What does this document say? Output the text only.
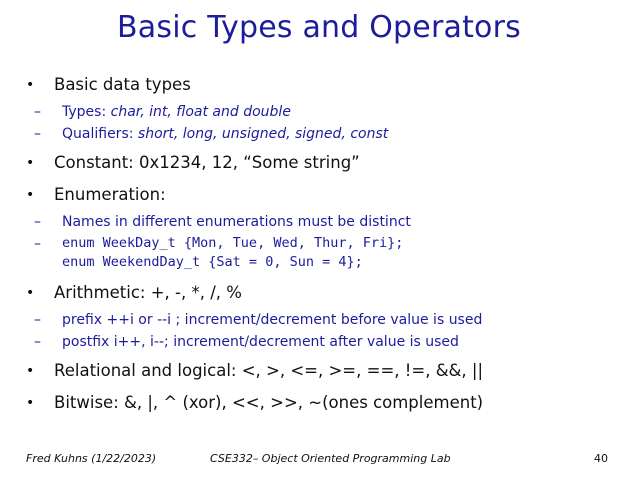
Basic Types and Operators
• Basic data types
– Types: char, int, float and double
– Qualifiers: short, long, unsigned, signed, const
• Constant: 0x1234, 12, “Some string”
• Enumeration:
– Names in different enumerations must be distinct
– enum WeekDay_t {Mon, Tue, Wed, Thur, Fri};
enum WeekendDay_t {Sat = 0, Sun = 4};
• Arithmetic: +, -, *, /, %
– prefix ++i or --i ; increment/decrement before value is used
– postfix i++, i--; increment/decrement after value is used
• Relational and logical: <, >, <=, >=, ==, !=, &&, ||
• Bitwise: &, |, ^ (xor), <<, >>, ~(ones complement)
Fred Kuhns (1/22/2023)	CSE332– Object Oriented Programming Lab	40
